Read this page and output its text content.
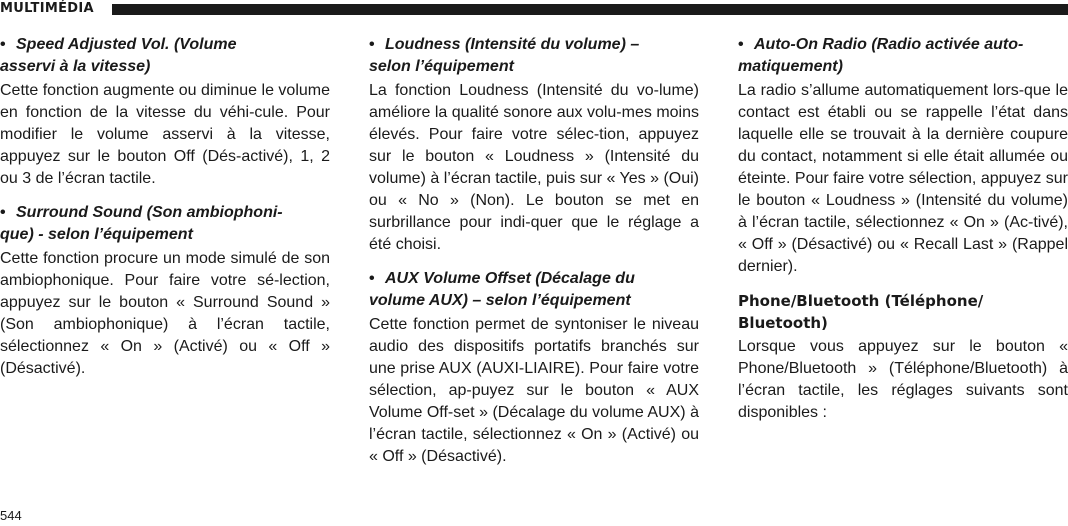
MULTIMÉDIA

• Speed Adjusted Vol. (Volume
asservi à la vitesse)

Cette fonction augmente ou diminue le volume en fonction de la vitesse du véhi-cule. Pour modifier le volume asservi à la vitesse, appuyez sur le bouton Off (Dés-activé), 1, 2 ou 3 de l’écran tactile.

• Surround Sound (Son ambiophoni-
que) - selon l’équipement

Cette fonction procure un mode simulé de son ambiophonique. Pour faire votre sé-lection, appuyez sur le bouton « Surround Sound » (Son ambiophonique) à l’écran tactile, sélectionnez « On » (Activé) ou « Off » (Désactivé).

• Loudness (Intensité du volume) –
selon l’équipement

La fonction Loudness (Intensité du vo-lume) améliore la qualité sonore aux volu-mes moins élevés. Pour faire votre sélec-tion, appuyez sur le bouton « Loudness » (Intensité du volume) à l’écran tactile, puis sur « Yes » (Oui) ou « No » (Non). Le bouton se met en surbrillance pour indi-quer que le réglage a été choisi.

• AUX Volume Offset (Décalage du
volume AUX) – selon l’équipement

Cette fonction permet de syntoniser le niveau audio des dispositifs portatifs branchés sur une prise AUX (AUXI-LIAIRE). Pour faire votre sélection, ap-puyez sur le bouton « AUX Volume Off-set » (Décalage du volume AUX) à l’écran tactile, sélectionnez « On » (Activé) ou « Off » (Désactivé).

• Auto-On Radio (Radio activée auto-
matiquement)

La radio s’allume automatiquement lors-que le contact est établi ou se rappelle l’état dans laquelle elle se trouvait à la dernière coupure du contact, notamment si elle était allumée ou éteinte. Pour faire votre sélection, appuyez sur le bouton « Loudness » (Intensité du volume) à l’écran tactile, sélectionnez « On » (Ac-tivé), « Off » (Désactivé) ou « Recall Last » (Rappel dernier).

Phone/Bluetooth (Téléphone/
Bluetooth)

Lorsque vous appuyez sur le bouton « Phone/Bluetooth » (Téléphone/Bluetooth) à l’écran tactile, les réglages suivants sont disponibles :

544
